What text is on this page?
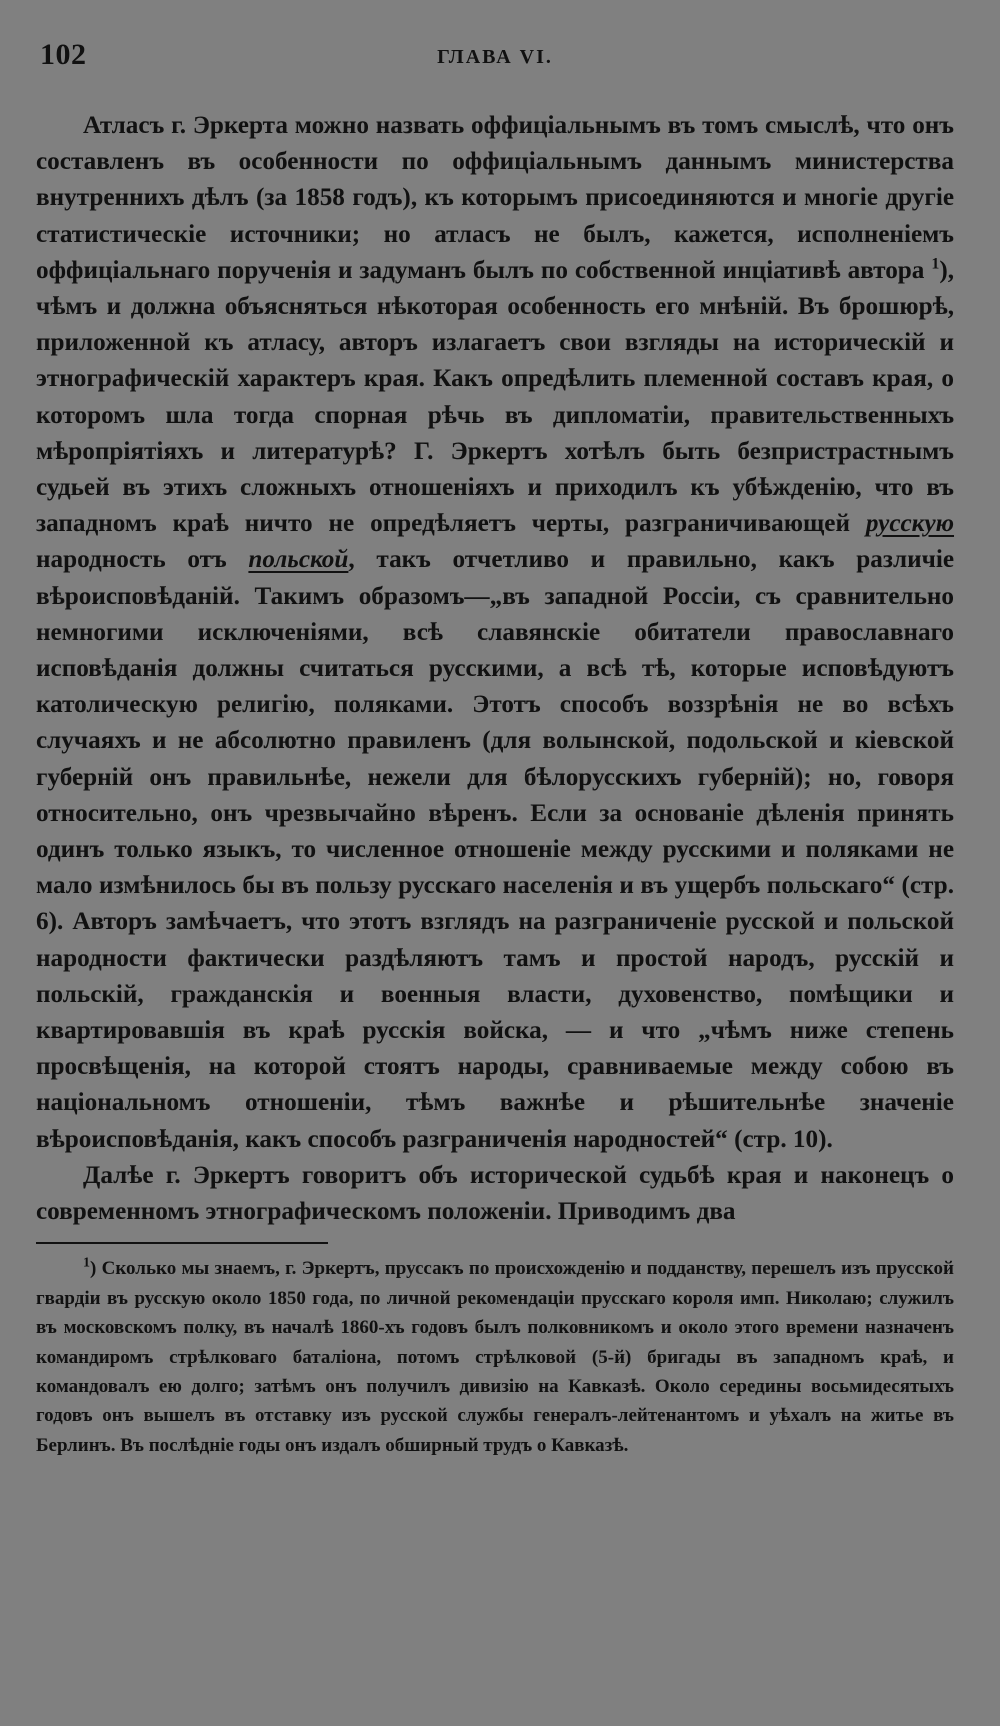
102	ГЛАВА VI.

Атласъ г. Эркерта можно назвать оффиціальнымъ въ томъ смыслѣ, что онъ составленъ въ особенности по оффиціальнымъ даннымъ министерства внутреннихъ дѣлъ (за 1858 годъ), къ которымъ присоединяются и многіе другіе статистическіе источники; но атласъ не былъ, кажется, исполненіемъ оффиціальнаго порученія и задуманъ былъ по собственной инціативѣ автора $^1$), чѣмъ и должна объясняться нѣкоторая особенность его мнѣній. Въ брошюрѣ, приложенной къ атласу, авторъ излагаетъ свои взгляды на историческій и этнографическій характеръ края. Какъ опредѣлить племенной составъ края, о которомъ шла тогда спорная рѣчь въ дипломатіи, правительственныхъ мѣропріятіяхъ и литературѣ? Г. Эркертъ хотѣлъ быть безпристрастнымъ судьей въ этихъ сложныхъ отношеніяхъ и приходилъ къ убѣжденію, что въ западномъ краѣ ничто не опредѣляетъ черты, разграничивающей русскую народность отъ польской, такъ отчетливо и правильно, какъ различіе вѣроисповѣданій. Такимъ образомъ—„въ западной Россіи, съ сравнительно немногими исключеніями, всѣ славянскіе обитатели православнаго исповѣданія должны считаться русскими, а всѣ тѣ, которые исповѣдуютъ католическую религію, поляками. Этотъ способъ воззрѣнія не во всѣхъ случаяхъ и не абсолютно правиленъ (для волынской, подольской и кіевской губерній онъ правильнѣе, нежели для бѣлорусскихъ губерній); но, говоря относительно, онъ чрезвычайно вѣренъ. Если за основаніе дѣленія принять одинъ только языкъ, то численное отношеніе между русскими и поляками не мало измѣнилось бы въ пользу русскаго населенія и въ ущербъ польскаго“ (стр. 6). Авторъ замѣчаетъ, что этотъ взглядъ на разграниченіе русской и польской народности фактически раздѣляютъ тамъ и простой народъ, русскій и польскій, гражданскія и военныя власти, духовенство, помѣщики и квартировавшія въ краѣ русскія войска, — и что „чѣмъ ниже степень просвѣщенія, на которой стоятъ народы, сравниваемые между собою въ національномъ отношеніи, тѣмъ важнѣе и рѣшительнѣе значеніе вѣроисповѣданія, какъ способъ разграниченія народностей“ (стр. 10).

Далѣе г. Эркертъ говоритъ объ исторической судьбѣ края и наконецъ о современномъ этнографическомъ положеніи. Приводимъ два

$^1$) Сколько мы знаемъ, г. Эркертъ, пруссакъ по происхожденію и подданству, перешелъ изъ прусской гвардіи въ русскую около 1850 года, по личной рекомендаціи прусскаго короля имп. Николаю; служилъ въ московскомъ полку, въ началѣ 1860-хъ годовъ былъ полковникомъ и около этого времени назначенъ командиромъ стрѣлковаго баталіона, потомъ стрѣлковой (5-й) бригады въ западномъ краѣ, и командовалъ ею долго; затѣмъ онъ получилъ дивизію на Кавказѣ. Около середины восьмидесятыхъ годовъ онъ вышелъ въ отставку изъ русской службы генералъ-лейтенантомъ и уѣхалъ на житье въ Берлинъ. Въ послѣдніе годы онъ издалъ обширный трудъ о Кавказѣ.
